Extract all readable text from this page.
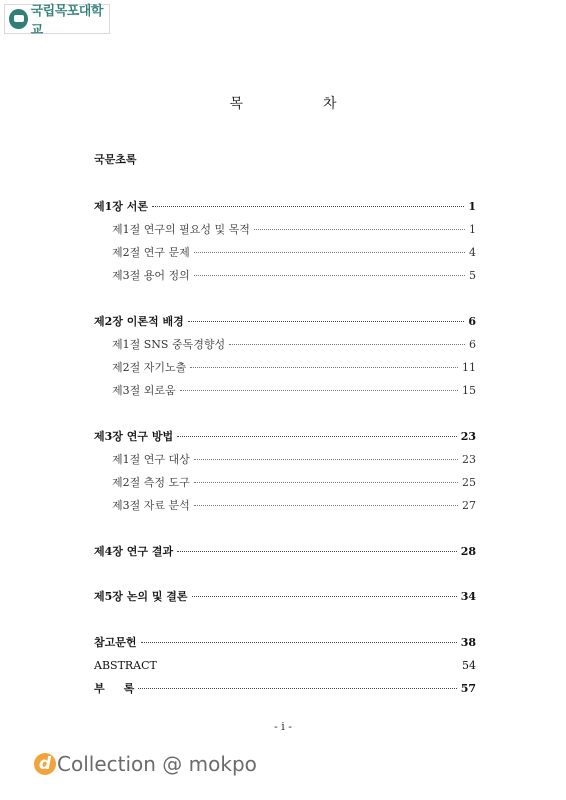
국립목포대학교
목	차
국문초록
제1장 서론	1
제1절 연구의 필요성 및 목적	1
제2절 연구 문제	4
제3절 용어 정의	5
제2장 이론적 배경	6
제1절 SNS 중독경향성	6
제2절 자기노출	11
제3절 외로움	15
제3장 연구 방법	23
제1절 연구 대상	23
제2절 측정 도구	25
제3절 자료 분석	27
제4장 연구 결과	28
제5장 논의 및 결론	34
참고문헌	38
ABSTRACT	54
부     록	57
- i -
d Collection @ mokpo
